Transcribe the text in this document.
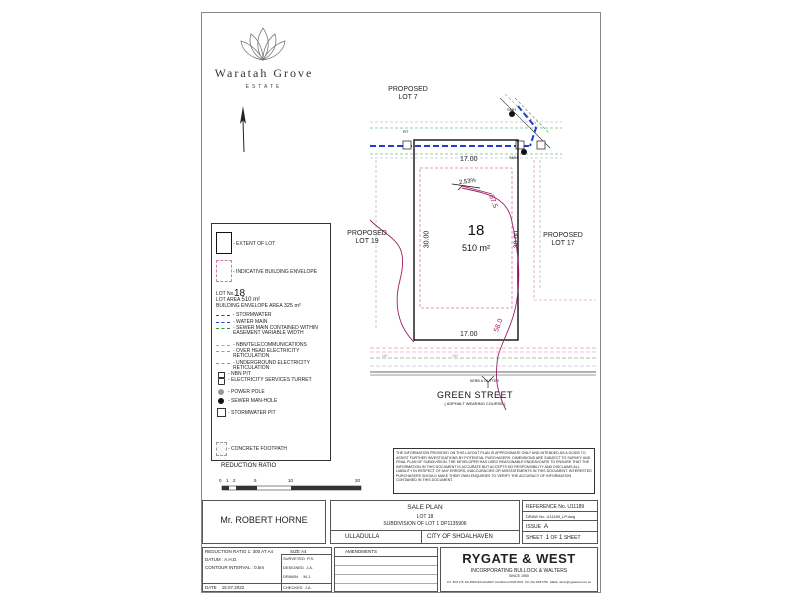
Waratah Grove
ESTATE	PROPOSED LOT 7
PROPOSED LOT 19
PROPOSED LOT 17
18
510 m²
17.00
17.00
30.00	30.00
2.53%
57.5
58.0
RT
SMH
SMH
OE	OE
KERB & GUTTER
GREEN STREET
( ASPHALT WEARING COURSE )
- EXTENT OF LOT
- INDICATIVE BUILDING ENVELOPE
LOT No. 18
LOT AREA 510 m²
BUILDING ENVELOPE AREA 325 m²
- STORMWATER
- WATER MAIN
- SEWER MAIN CONTAINED WITHIN EASEMENT VARIABLE WIDTH
- NBN/TELECOMMUNICATIONS
- OVER HEAD ELECTRICITY RETICULATION
- UNDERGROUND ELECTRICITY RETICULATION
- NBN PIT
- ELECTRICITY SERVICES TURRET
- POWER POLE
- SEWER MAN-HOLE
- STORMWATER PIT
- CONCRETE FOOTPATH
REDUCTION RATIO
0 1 2	5	10	20
THE INFORMATION PROVIDED ON THIS LAYOUT PLAN IS APPROXIMATE ONLY AND INTENDED AS A GUIDE TO ASSIST FURTHER INVESTIGATIONS BY POTENTIAL PURCHASERS. DIMENSIONS ARE SUBJECT TO SURVEY AND FINAL PLAN OF SUBDIVISION. THE DEVELOPER HAS USED REASONABLE ENDEAVOURS TO ENSURE THAT THE INFORMATION IN THIS DOCUMENT IS ACCURATE BUT ACCEPTS NO RESPONSIBILITY AND DISCLAIMS ALL LIABILITY IN RESPECT OF ANY ERRORS, INACCURACIES OR MISSTATEMENTS IN THIS DOCUMENT. INTERESTED PURCHASERS SHOULD MAKE THEIR OWN ENQUIRIES TO VERIFY THE ACCURACY OF INFORMATION CONTAINED IN THIS DOCUMENT.
Mr. ROBERT HORNE
SALE PLAN
LOT 18
SUBDIVISION OF LOT 1 DP1135906
ULLADULLA	CITY OF SHOALHAVEN
REFERENCE No. U11189
DRAW No. U11189_LP.dwg
ISSUE A
SHEET 1 OF 1 SHEET
REDUCTION RATIO 1: 300 AT A4	SIZE A4
DATUM : A.H.D.
CONTOUR INTERVAL : 0.5m
DATE 15.07.2022
SURVEYED P.S.
DESIGNED J.A.
DRAWN M.J.
CHECKED J.A.
AMENDMENTS	RYGATE & WEST
INCORPORATING BULLOCK & WALTERS
SINCE 1950
P.O. BOX 178, 29A PRINCES HIGHWAY ULLADULLA NSW 2539 · PH: (02) 4455 5755 · EMAIL: admin@rygatewest.com.au
